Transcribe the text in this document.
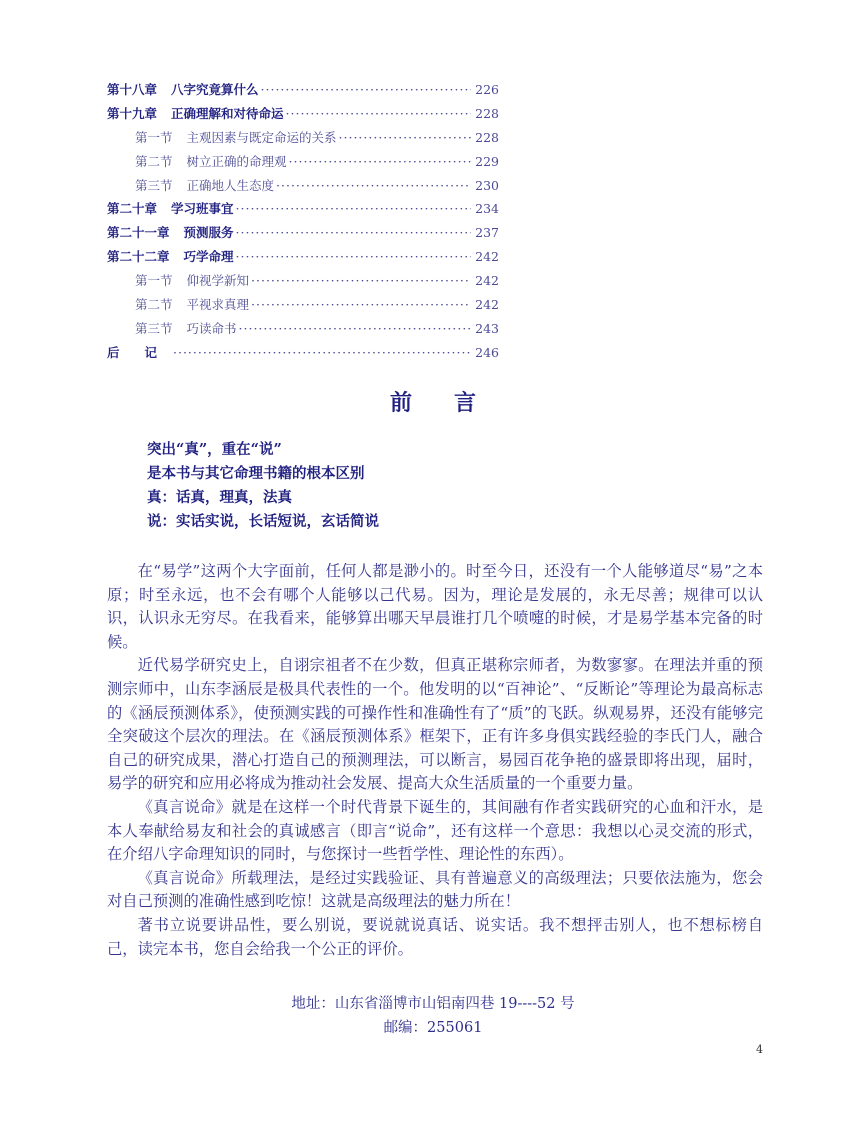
第十八章 八字究竟算什么 ·····	226
第十九章 正确理解和对待命运 ·····	228
第一节 主观因素与既定命运的关系 ·····	228
第二节 树立正确的命理观 ·····	229
第三节 正确地人生态度 ·····	230
第二十章 学习班事宜 ·····	234
第二十一章 预测服务 ·····	237
第二十二章 巧学命理 ·····	242
第一节 仰视学新知 ·····	242
第二节 平视求真理 ·····	242
第三节 巧读命书 ·····	243
后　　记 ·····	246
前言
突出“真”，重在“说”
是本书与其它命理书籍的根本区别
真：话真，理真，法真
说：实话实说，长话短说，玄话简说

在“易学”这两个大字面前，任何人都是渺小的。时至今日，还没有一个人能够道尽“易”之本原；时至永远，也不会有哪个人能够以己代易。因为，理论是发展的，永无尽善；规律可以认识，认识永无穷尽。在我看来，能够算出哪天早晨谁打几个喷嚏的时候，才是易学基本完备的时候。

近代易学研究史上，自诩宗祖者不在少数，但真正堪称宗师者，为数寥寥。在理法并重的预测宗师中，山东李涵辰是极具代表性的一个。他发明的以“百神论”、“反断论”等理论为最高标志的《涵辰预测体系》，使预测实践的可操作性和准确性有了“质”的飞跃。纵观易界，还没有能够完全突破这个层次的理法。在《涵辰预测体系》框架下，正有许多身俱实践经验的李氏门人，融合自己的研究成果，潜心打造自己的预测理法，可以断言，易园百花争艳的盛景即将出现，届时，易学的研究和应用必将成为推动社会发展、提高大众生活质量的一个重要力量。

《真言说命》就是在这样一个时代背景下诞生的，其间融有作者实践研究的心血和汗水，是本人奉献给易友和社会的真诚感言（即言“说命”，还有这样一个意思：我想以心灵交流的形式，在介绍八字命理知识的同时，与您探讨一些哲学性、理论性的东西）。

《真言说命》所载理法，是经过实践验证、具有普遍意义的高级理法；只要依法施为，您会对自己预测的准确性感到吃惊！这就是高级理法的魅力所在！

著书立说要讲品性，要么别说，要说就说真话、说实话。我不想抨击别人，也不想标榜自己，读完本书，您自会给我一个公正的评价。

地址：山东省淄博市山铝南四巷 19----52 号
邮编：255061
4
